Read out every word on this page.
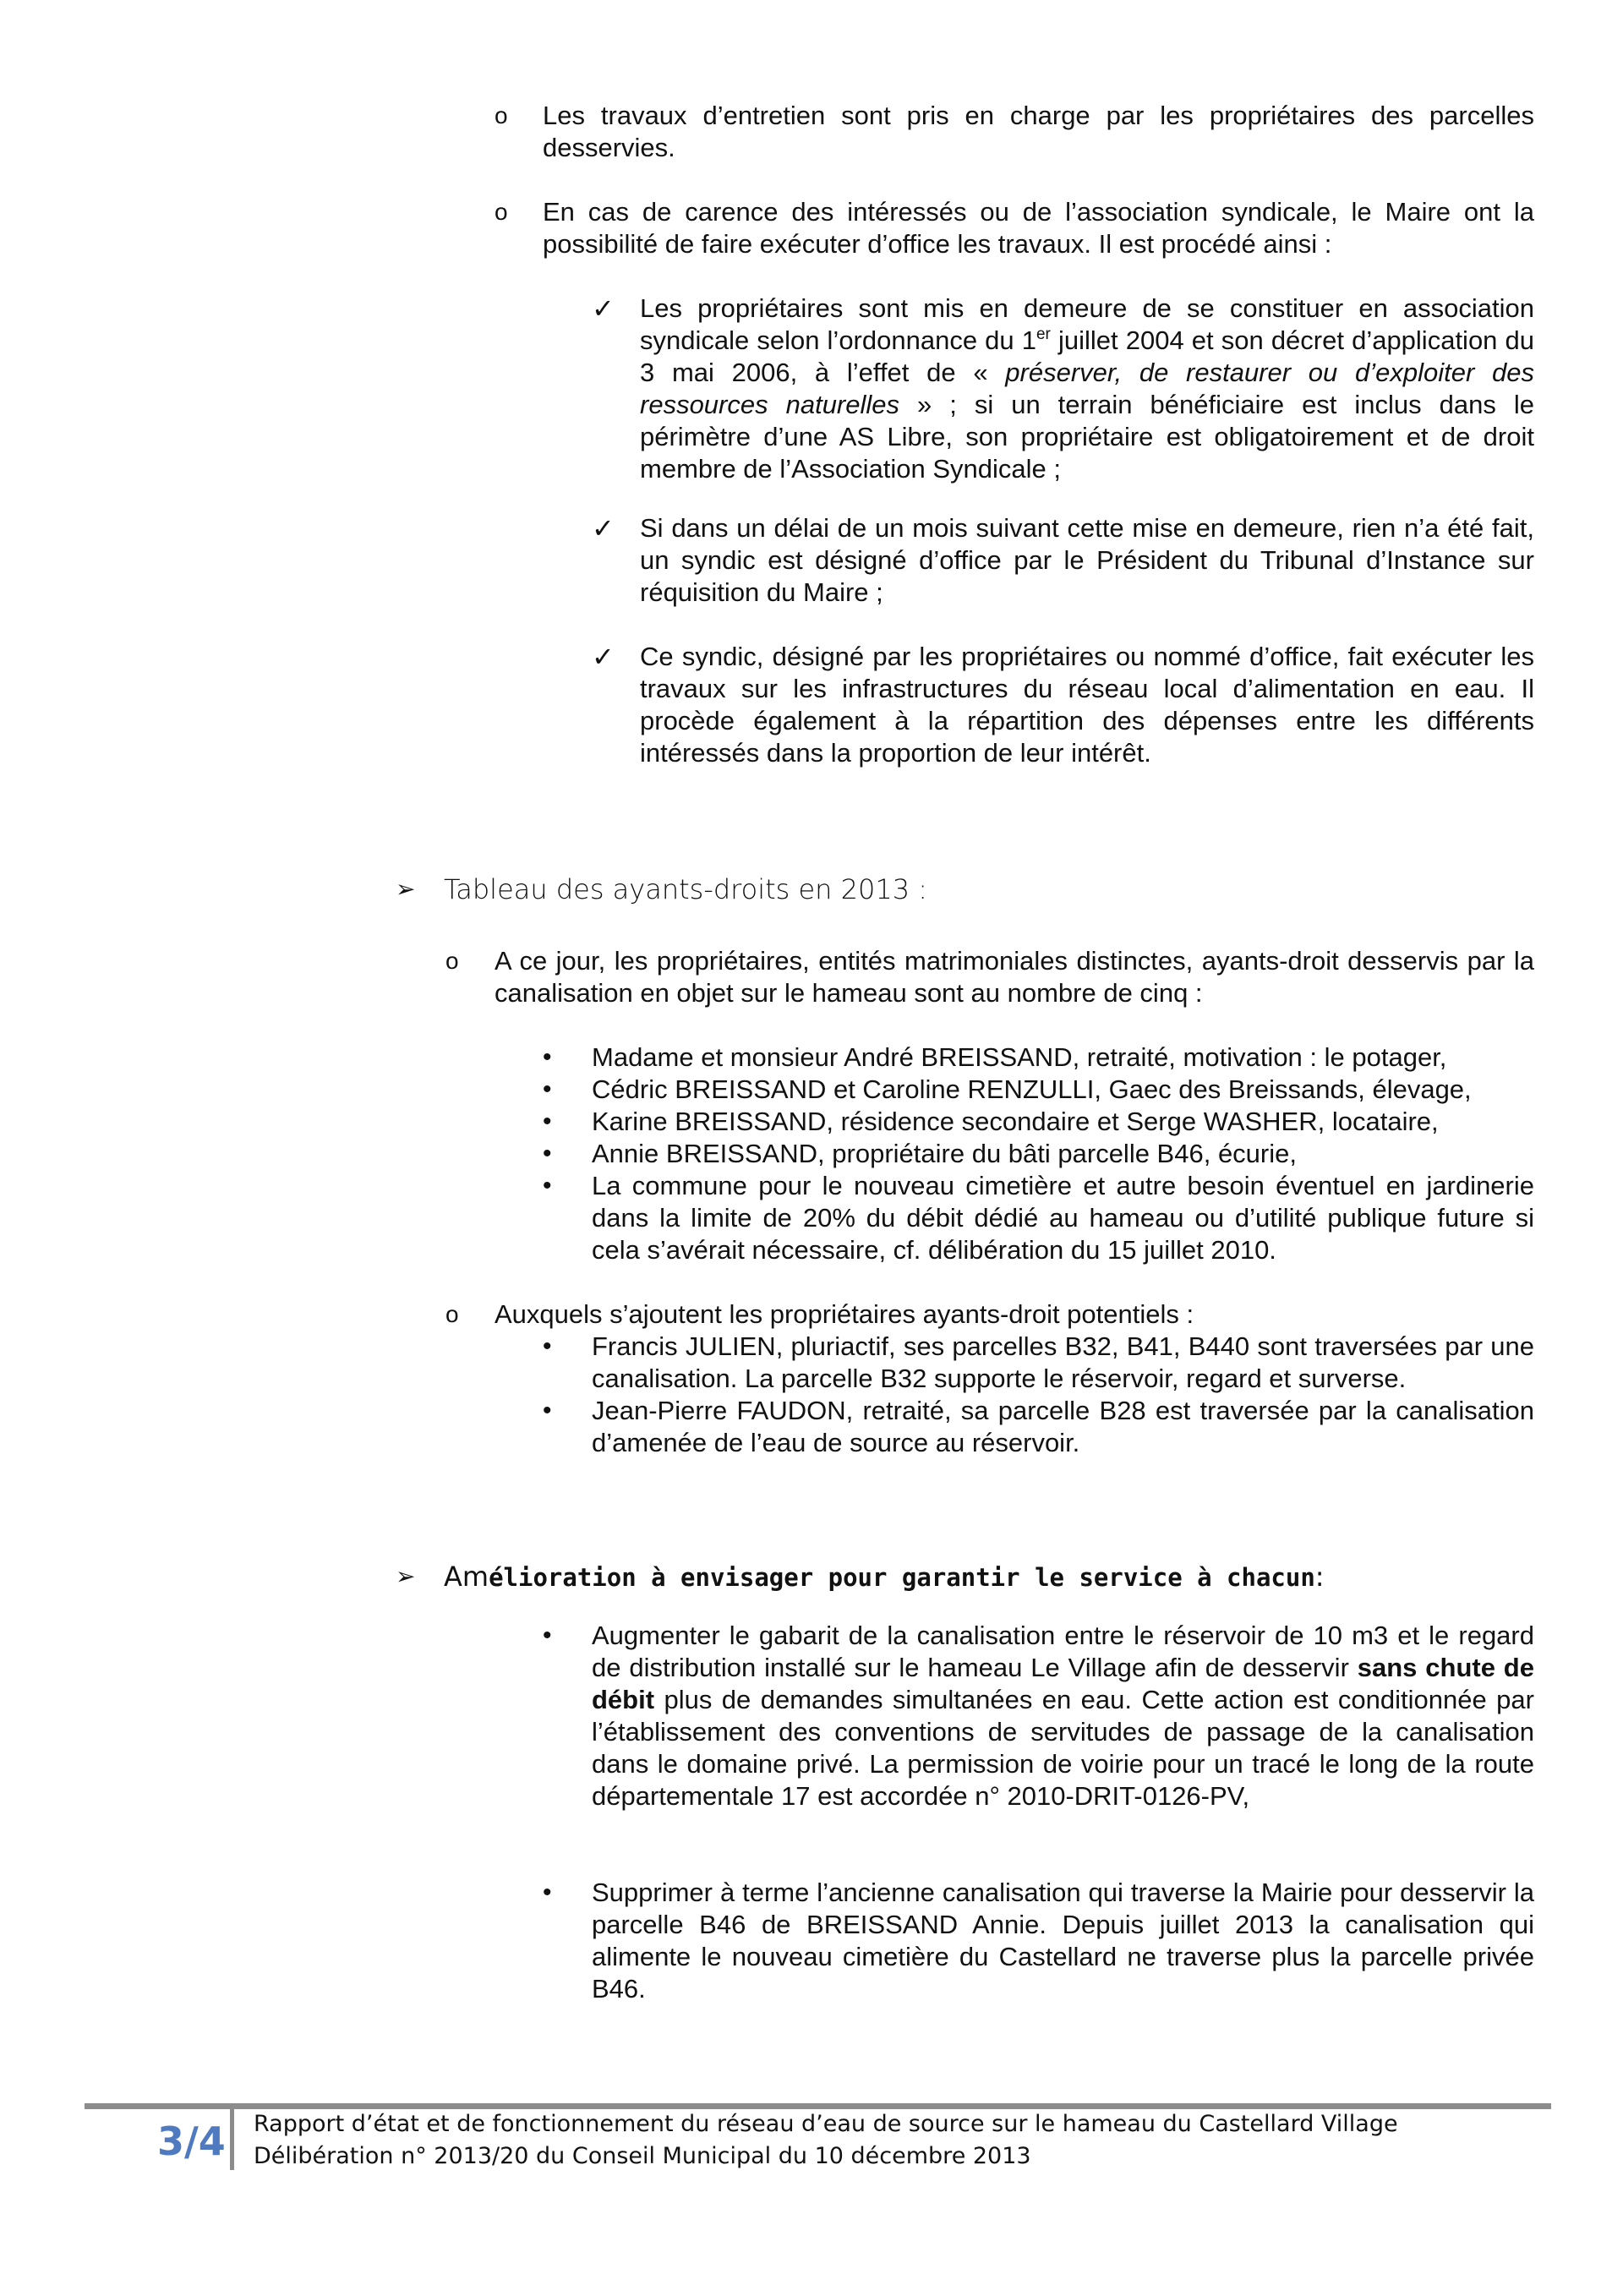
o Les travaux d’entretien sont pris en charge par les propriétaires des parcelles desservies.
o En cas de carence des intéressés ou de l’association syndicale, le Maire ont la possibilité de faire exécuter d’office les travaux. Il est procédé ainsi :
✓ Les propriétaires sont mis en demeure de se constituer en association syndicale selon l’ordonnance du 1er juillet 2004 et son décret d’application du 3 mai 2006, à l’effet de « préserver, de restaurer ou d’exploiter des ressources naturelles » ; si un terrain bénéficiaire est inclus dans le périmètre d’une AS Libre, son propriétaire est obligatoirement et de droit membre de l’Association Syndicale ;
✓ Si dans un délai de un mois suivant cette mise en demeure, rien n’a été fait, un syndic est désigné d’office par le Président du Tribunal d’Instance sur réquisition du Maire ;
✓ Ce syndic, désigné par les propriétaires ou nommé d’office, fait exécuter les travaux sur les infrastructures du réseau local d’alimentation en eau. Il procède également à la répartition des dépenses entre les différents intéressés dans la proportion de leur intérêt.
➢ Tableau des ayants-droits en 2013 :
o A ce jour, les propriétaires, entités matrimoniales distinctes, ayants-droit desservis par la canalisation en objet sur le hameau sont au nombre de cinq :
• Madame et monsieur André BREISSAND, retraité, motivation : le potager,
• Cédric BREISSAND et Caroline RENZULLI, Gaec des Breissands, élevage,
• Karine BREISSAND, résidence secondaire et Serge WASHER, locataire,
• Annie BREISSAND, propriétaire du bâti parcelle B46, écurie,
• La commune pour le nouveau cimetière et autre besoin éventuel en jardinerie dans la limite de 20% du débit dédié au hameau ou d’utilité publique future si cela s’avérait nécessaire, cf. délibération du 15 juillet 2010.
o Auxquels s’ajoutent les propriétaires ayants-droit potentiels :
• Francis JULIEN, pluriactif, ses parcelles B32, B41, B440 sont traversées par une canalisation. La parcelle B32 supporte le réservoir, regard et surverse.
• Jean-Pierre FAUDON, retraité, sa parcelle B28 est traversée par la canalisation d’amenée de l’eau de source au réservoir.
➢ Amélioration à envisager pour garantir le service à chacun:
• Augmenter le gabarit de la canalisation entre le réservoir de 10 m3 et le regard de distribution installé sur le hameau Le Village afin de desservir sans chute de débit plus de demandes simultanées en eau. Cette action est conditionnée par l’établissement des conventions de servitudes de passage de la canalisation dans le domaine privé. La permission de voirie pour un tracé le long de la route départementale 17 est accordée n° 2010-DRIT-0126-PV,
• Supprimer à terme l’ancienne canalisation qui traverse la Mairie pour desservir la parcelle B46 de BREISSAND Annie. Depuis juillet 2013 la canalisation qui alimente le nouveau cimetière du Castellard ne traverse plus la parcelle privée B46.
3/4 Rapport d’état et de fonctionnement du réseau d’eau de source sur le hameau du Castellard Village
Délibération n° 2013/20 du Conseil Municipal du 10 décembre 2013
